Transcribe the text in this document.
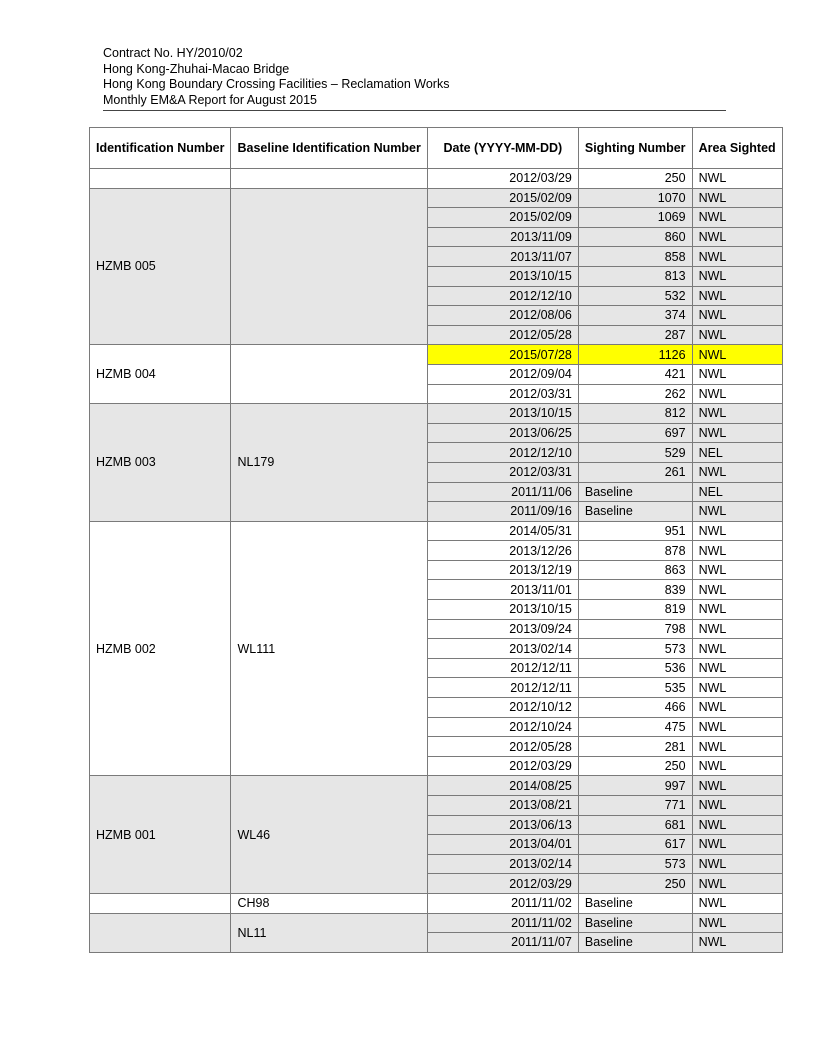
Contract No. HY/2010/02
Hong Kong-Zhuhai-Macao Bridge
Hong Kong Boundary Crossing Facilities – Reclamation Works
Monthly EM&A Report for August 2015
Identification Number	Baseline Identification Number	Date (YYYY-MM-DD)	Sighting Number	Area Sighted
		2012/03/29	250	NWL
HZMB 005		2015/02/09	1070	NWL
		2015/02/09	1069	NWL
		2013/11/09	860	NWL
		2013/11/07	858	NWL
		2013/10/15	813	NWL
		2012/12/10	532	NWL
		2012/08/06	374	NWL
		2012/05/28	287	NWL
HZMB 004		2015/07/28	1126	NWL
		2012/09/04	421	NWL
		2012/03/31	262	NWL
HZMB 003	NL179	2013/10/15	812	NWL
		2013/06/25	697	NWL
		2012/12/10	529	NEL
		2012/03/31	261	NWL
		2011/11/06	Baseline	NEL
		2011/09/16	Baseline	NWL
HZMB 002	WL111	2014/05/31	951	NWL
		2013/12/26	878	NWL
		2013/12/19	863	NWL
		2013/11/01	839	NWL
		2013/10/15	819	NWL
		2013/09/24	798	NWL
		2013/02/14	573	NWL
		2012/12/11	536	NWL
		2012/12/11	535	NWL
		2012/10/12	466	NWL
		2012/10/24	475	NWL
		2012/05/28	281	NWL
		2012/03/29	250	NWL
HZMB 001	WL46	2014/08/25	997	NWL
		2013/08/21	771	NWL
		2013/06/13	681	NWL
		2013/04/01	617	NWL
		2013/02/14	573	NWL
		2012/03/29	250	NWL
	CH98	2011/11/02	Baseline	NWL
	NL11	2011/11/02	Baseline	NWL
		2011/11/07	Baseline	NWL
